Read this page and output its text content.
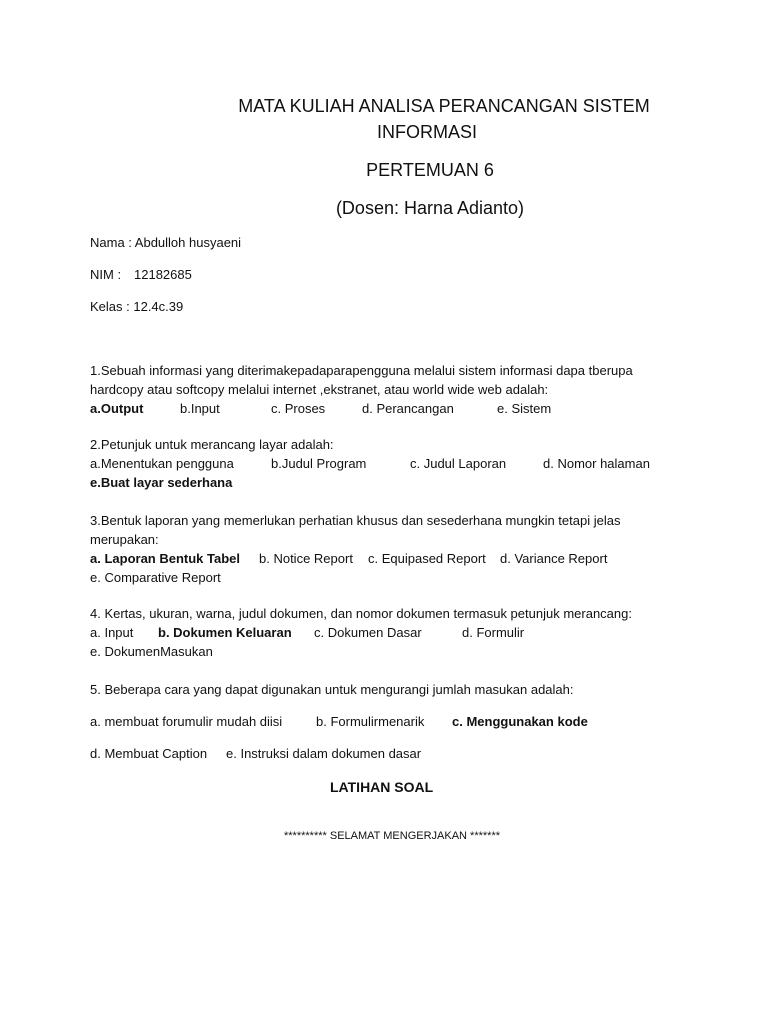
MATA KULIAH ANALISA PERANCANGAN SISTEM
INFORMASI
PERTEMUAN 6
(Dosen: Harna Adianto)
Nama : Abdulloh husyaeni
NIM : 12182685
Kelas : 12.4c.39
1.Sebuah informasi yang diterimakepadaparapengguna melalui sistem informasi dapa tberupa
hardcopy atau softcopy melalui internet ,ekstranet, atau world wide web adalah:
a.Output	b.Input	c. Proses	d. Perancangan	e. Sistem
2.Petunjuk untuk merancang layar adalah:
a.Menentukan pengguna	b.Judul Program	c. Judul Laporan	d. Nomor halaman
e.Buat layar sederhana
3.Bentuk laporan yang memerlukan perhatian khusus dan sesederhana mungkin tetapi jelas
merupakan:
a. Laporan Bentuk Tabel b. Notice Report c. Equipased Report d. Variance Report
e. Comparative Report
4. Kertas, ukuran, warna, judul dokumen, dan nomor dokumen termasuk petunjuk merancang:
a. Input b. Dokumen Keluaran c. Dokumen Dasar	d. Formulir
e. DokumenMasukan
5. Beberapa cara yang dapat digunakan untuk mengurangi jumlah masukan adalah:
a. membuat forumulir mudah diisi	b. Formulirmenarik c. Menggunakan kode
d. Membuat Caption e. Instruksi dalam dokumen dasar
LATIHAN SOAL
********** SELAMAT MENGERJAKAN *******
